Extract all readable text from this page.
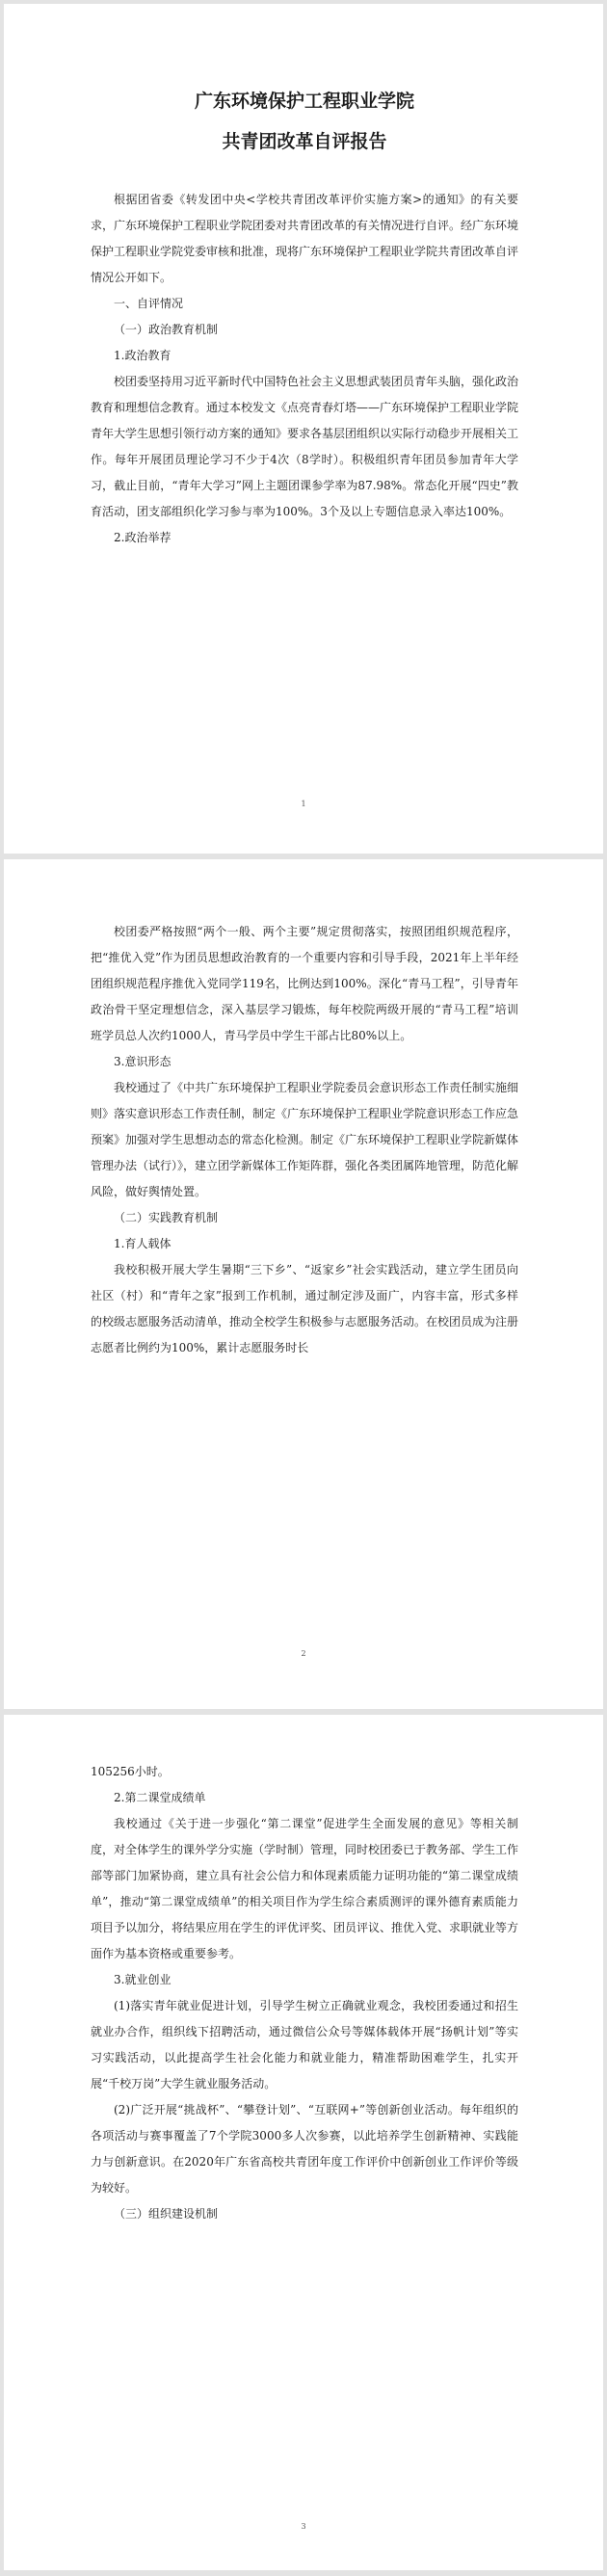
广东环境保护工程职业学院
共青团改革自评报告

根据团省委《转发团中央<学校共青团改革评价实施方案>的通知》的有关要求，广东环境保护工程职业学院团委对共青团改革的有关情况进行自评。经广东环境保护工程职业学院党委审核和批准，现将广东环境保护工程职业学院共青团改革自评情况公开如下。

一、自评情况

（一）政治教育机制

1.政治教育

校团委坚持用习近平新时代中国特色社会主义思想武装团员青年头脑，强化政治教育和理想信念教育。通过本校发文《点亮青春灯塔——广东环境保护工程职业学院青年大学生思想引领行动方案的通知》要求各基层团组织以实际行动稳步开展相关工作。每年开展团员理论学习不少于4次（8学时）。积极组织青年团员参加青年大学习，截止目前，“青年大学习”网上主题团课参学率为87.98%。常态化开展“四史”教育活动，团支部组织化学习参与率为100%。3个及以上专题信息录入率达100%。

2.政治举荐

1

校团委严格按照“两个一般、两个主要”规定贯彻落实，按照团组织规范程序，把“推优入党”作为团员思想政治教育的一个重要内容和引导手段，2021年上半年经团组织规范程序推优入党同学119名，比例达到100%。深化“青马工程”，引导青年政治骨干坚定理想信念，深入基层学习锻炼，每年校院两级开展的“青马工程”培训班学员总人次约1000人，青马学员中学生干部占比80%以上。

3.意识形态

我校通过了《中共广东环境保护工程职业学院委员会意识形态工作责任制实施细则》落实意识形态工作责任制，制定《广东环境保护工程职业学院意识形态工作应急预案》加强对学生思想动态的常态化检测。制定《广东环境保护工程职业学院新媒体管理办法（试行）》，建立团学新媒体工作矩阵群，强化各类团属阵地管理，防范化解风险，做好舆情处置。

（二）实践教育机制

1.育人载体

我校积极开展大学生暑期“三下乡”、“返家乡”社会实践活动，建立学生团员向社区（村）和“青年之家”报到工作机制，通过制定涉及面广，内容丰富，形式多样的校级志愿服务活动清单，推动全校学生积极参与志愿服务活动。在校团员成为注册志愿者比例约为100%，累计志愿服务时长

2

105256小时。

2.第二课堂成绩单

我校通过《关于进一步强化“第二课堂”促进学生全面发展的意见》等相关制度，对全体学生的课外学分实施（学时制）管理，同时校团委已于教务部、学生工作部等部门加紧协商，建立具有社会公信力和体现素质能力证明功能的“第二课堂成绩单”，推动“第二课堂成绩单”的相关项目作为学生综合素质测评的课外德育素质能力项目予以加分，将结果应用在学生的评优评奖、团员评议、推优入党、求职就业等方面作为基本资格或重要参考。

3.就业创业

(1)落实青年就业促进计划，引导学生树立正确就业观念，我校团委通过和招生就业办合作，组织线下招聘活动，通过微信公众号等媒体载体开展“扬帆计划”等实习实践活动，以此提高学生社会化能力和就业能力，精准帮助困难学生，扎实开展“千校万岗”大学生就业服务活动。

(2)广泛开展“挑战杯”、“攀登计划”、“互联网+”等创新创业活动。每年组织的各项活动与赛事覆盖了7个学院3000多人次参赛，以此培养学生创新精神、实践能力与创新意识。在2020年广东省高校共青团年度工作评价中创新创业工作评价等级为较好。

（三）组织建设机制

3
